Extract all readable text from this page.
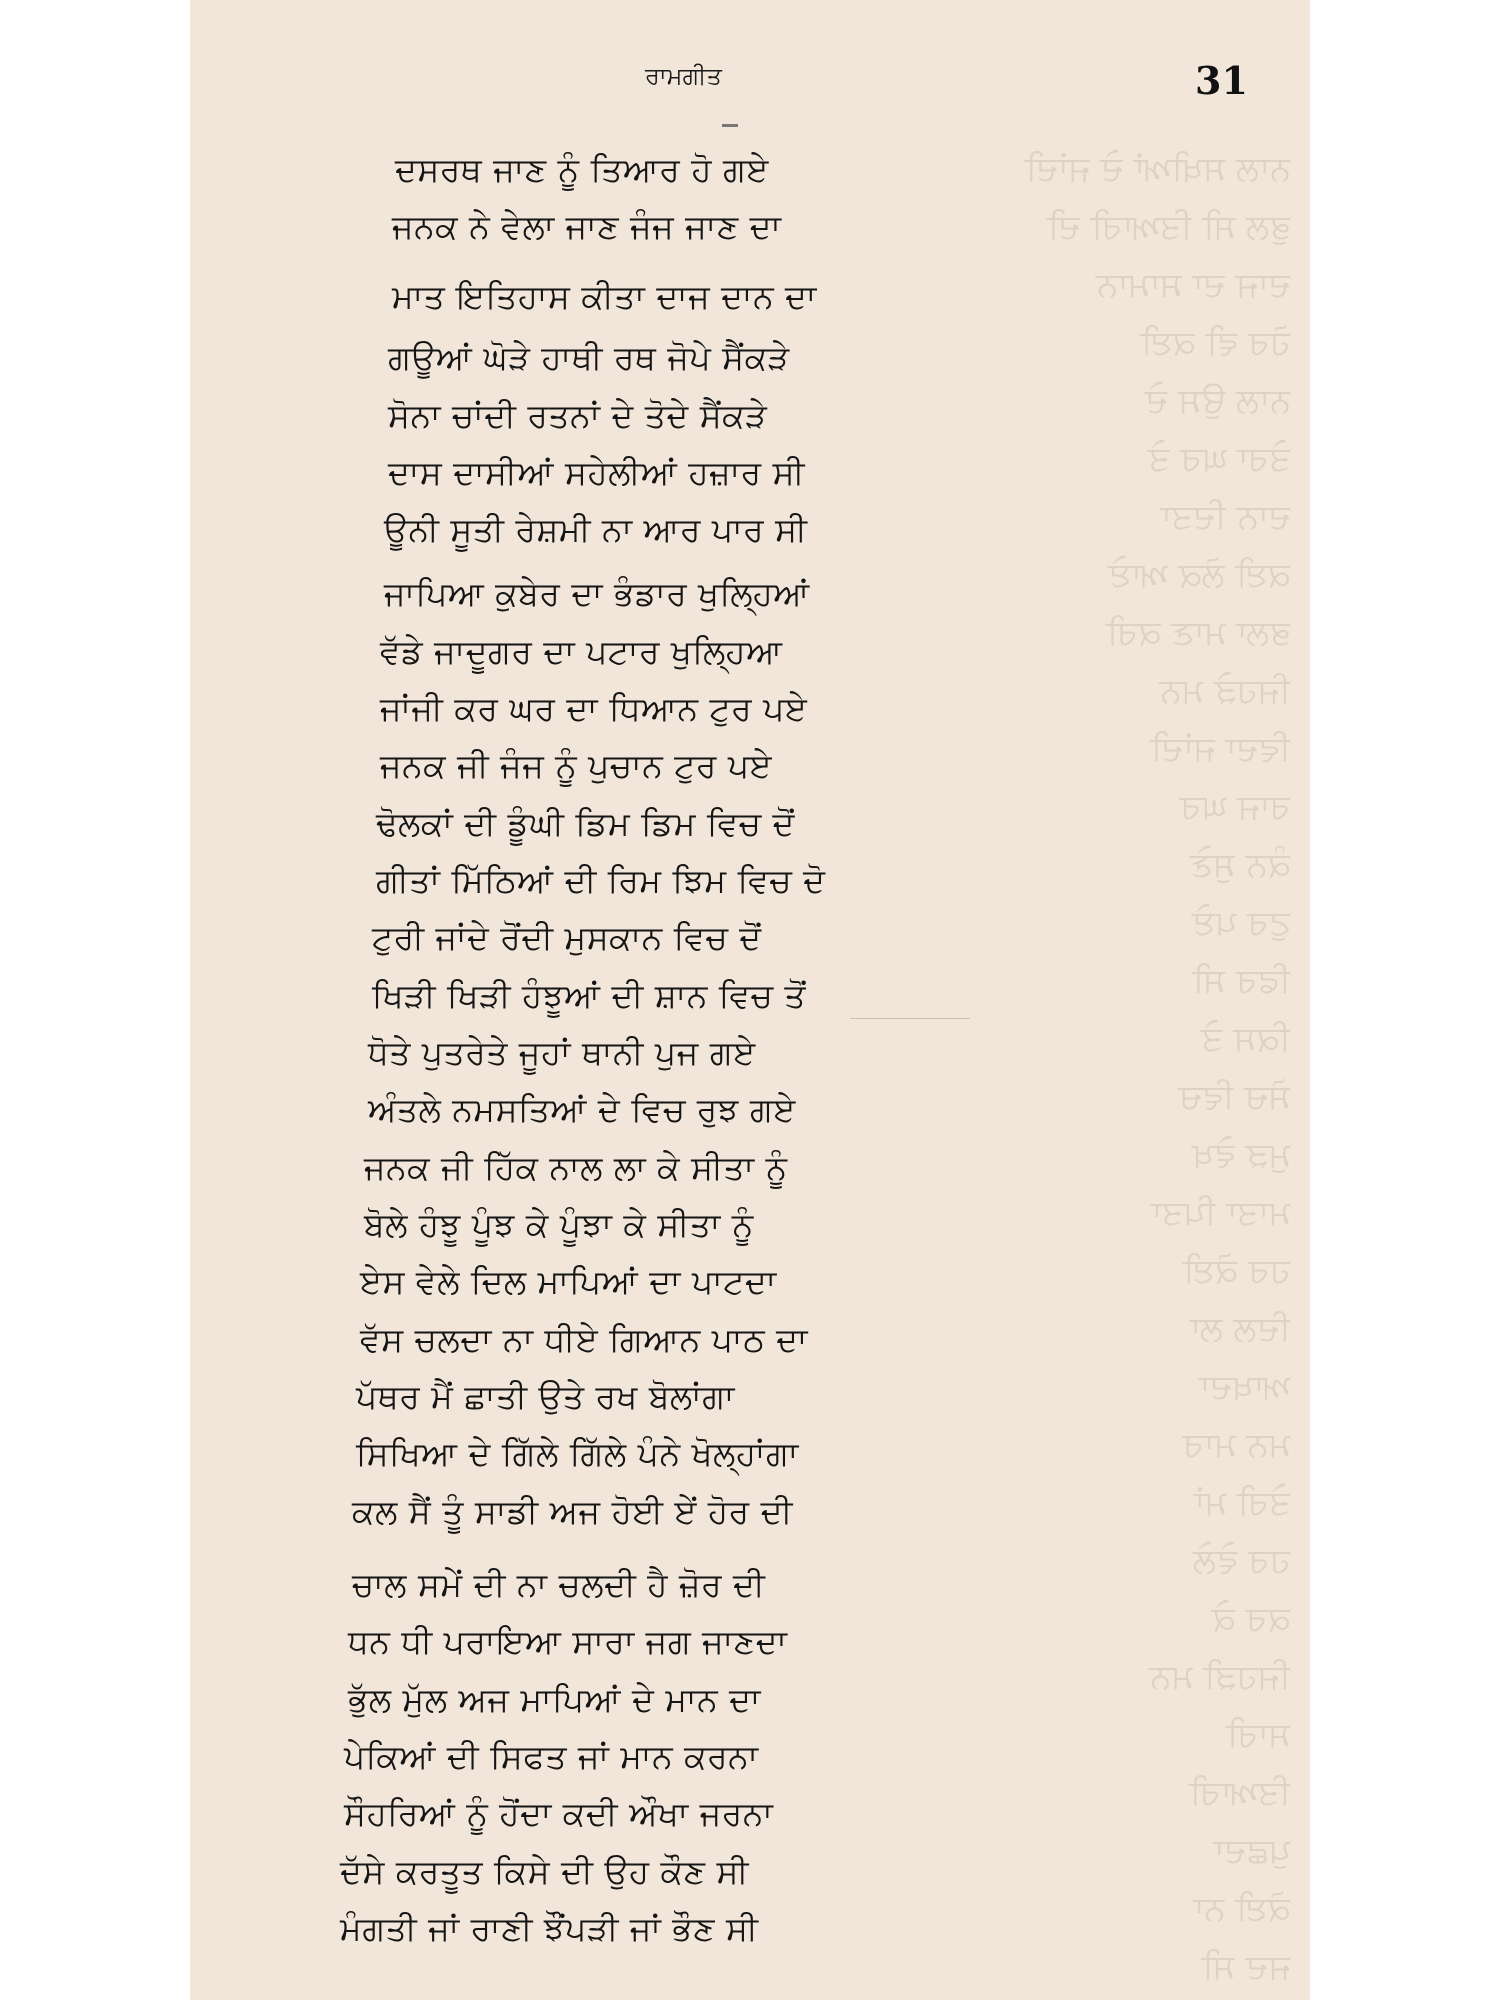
ਨਾਲ ਸਖੀਆਂ ਦੇ ਜਾਂਦੀ
ਭੁਲ ਸੀ ਤਿਆਰੀ ਦੀ
ਦਾਜ ਦਾ ਸਾਮਾਨ
ਹੋਰ ਵੀ ਕਈ
ਨਾਲ ਉਸ ਦੇ
ਤੇਰਾ ਘਰ ਤੇ
ਦਾਨ ਦਿਤਾ
ਕਈ ਲੋਕ ਆਏ
ਭਲਾ ਮਾਣ ਕਰੀ
ਜਿਹੜੇ ਮਨ
ਵਿਦਾ ਜਾਂਦੀ
ਰਾਜ ਘਰ
ਕੰਨ ਸੁਣੇ
ਟੁਰ ਪਏ
ਫਿਰ ਸੀ
ਕਿਸ ਤੇ
ਸੋਚ ਵਿਚ
ਮੁੜ ਵੇਖ
ਮਾਤਾ ਪਿਤਾ
ਹਰ ਕੋਈ
ਦਿਲ ਲਾ
ਆਖਦਾ
ਮਨ ਮਾਰ
ਤੇਰੀ ਮਾਂ
ਹਰ ਵੇਲੇ
ਕਰ ਕੇ
ਜਿਹੜੀ ਮਨ
ਸਾਰੀ
ਤਿਆਰੀ
ਪੁਛਦਾ
ਕੋਈ ਨਾ
ਜਦ ਸੀ
ਰਾਮਗੀਤ	31
ਦਸਰਥ ਜਾਣ ਨੂੰ ਤਿਆਰ ਹੋ ਗਏ
ਜਨਕ ਨੇ ਵੇਲਾ ਜਾਣ ਜੰਜ ਜਾਣ ਦਾ
ਮਾਤ ਇਤਿਹਾਸ ਕੀਤਾ ਦਾਜ ਦਾਨ ਦਾ
ਗਊਆਂ ਘੋੜੇ ਹਾਥੀ ਰਥ ਜੋਪੇ ਸੈਂਕੜੇ
ਸੋਨਾ ਚਾਂਦੀ ਰਤਨਾਂ ਦੇ ਤੋਦੇ ਸੈਂਕੜੇ
ਦਾਸ ਦਾਸੀਆਂ ਸਹੇਲੀਆਂ ਹਜ਼ਾਰ ਸੀ
ਊਨੀ ਸੂਤੀ ਰੇਸ਼ਮੀ ਨਾ ਆਰ ਪਾਰ ਸੀ
ਜਾਪਿਆ ਕੁਬੇਰ ਦਾ ਭੰਡਾਰ ਖੁਲ੍ਹਿਆਂ
ਵੱਡੇ ਜਾਦੂਗਰ ਦਾ ਪਟਾਰ ਖੁਲ੍ਹਿਆ
ਜਾਂਜੀ ਕਰ ਘਰ ਦਾ ਧਿਆਨ ਟੁਰ ਪਏ
ਜਨਕ ਜੀ ਜੰਜ ਨੂੰ ਪੁਚਾਨ ਟੁਰ ਪਏ
ਢੋਲਕਾਂ ਦੀ ਡੂੰਘੀ ਡਿਮ ਡਿਮ ਵਿਚ ਦੋਂ
ਗੀਤਾਂ ਮਿੱਠਿਆਂ ਦੀ ਰਿਮ ਝਿਮ ਵਿਚ ਦੋ
ਟੁਰੀ ਜਾਂਦੇ ਰੋਂਦੀ ਮੁਸਕਾਨ ਵਿਚ ਦੋਂ
ਖਿੜੀ ਖਿੜੀ ਹੰਝੂਆਂ ਦੀ ਸ਼ਾਨ ਵਿਚ ਤੋਂ
ਧੋਤੇ ਪੁਤਰੇਤੇ ਜੂਹਾਂ ਥਾਨੀ ਪੁਜ ਗਏ
ਅੰਤਲੇ ਨਮਸਤਿਆਂ ਦੇ ਵਿਚ ਰੁਝ ਗਏ
ਜਨਕ ਜੀ ਹਿੱਕ ਨਾਲ ਲਾ ਕੇ ਸੀਤਾ ਨੂੰ
ਬੋਲੇ ਹੰਝੂ ਪੂੰਝ ਕੇ ਪੂੰਝਾ ਕੇ ਸੀਤਾ ਨੂੰ
ਏਸ ਵੇਲੇ ਦਿਲ ਮਾਪਿਆਂ ਦਾ ਪਾਟਦਾ
ਵੱਸ ਚਲਦਾ ਨਾ ਧੀਏ ਗਿਆਨ ਪਾਠ ਦਾ
ਪੱਥਰ ਮੈਂ ਛਾਤੀ ਉਤੇ ਰਖ ਬੋਲਾਂਗਾ
ਸਿਖਿਆ ਦੇ ਗਿੱਲੇ ਗਿੱਲੇ ਪੰਨੇ ਖੋਲ੍ਹਾਂਗਾ
ਕਲ ਸੈਂ ਤੂੰ ਸਾਡੀ ਅਜ ਹੋਈ ਏਂ ਹੋਰ ਦੀ
ਚਾਲ ਸਮੇਂ ਦੀ ਨਾ ਚਲਦੀ ਹੈ ਜ਼ੋਰ ਦੀ
ਧਨ ਧੀ ਪਰਾਇਆ ਸਾਰਾ ਜਗ ਜਾਣਦਾ
ਭੁੱਲ ਮੁੱਲ ਅਜ ਮਾਪਿਆਂ ਦੇ ਮਾਨ ਦਾ
ਪੇਕਿਆਂ ਦੀ ਸਿਫਤ ਜਾਂ ਮਾਨ ਕਰਨਾ
ਸੌਹਰਿਆਂ ਨੂੰ ਹੋਂਦਾ ਕਦੀ ਔਖਾ ਜਰਨਾ
ਦੱਸੇ ਕਰਤੂਤ ਕਿਸੇ ਦੀ ਉਹ ਕੌਣ ਸੀ
ਮੰਗਤੀ ਜਾਂ ਰਾਣੀ ਝੌਂਪੜੀ ਜਾਂ ਭੌਣ ਸੀ
